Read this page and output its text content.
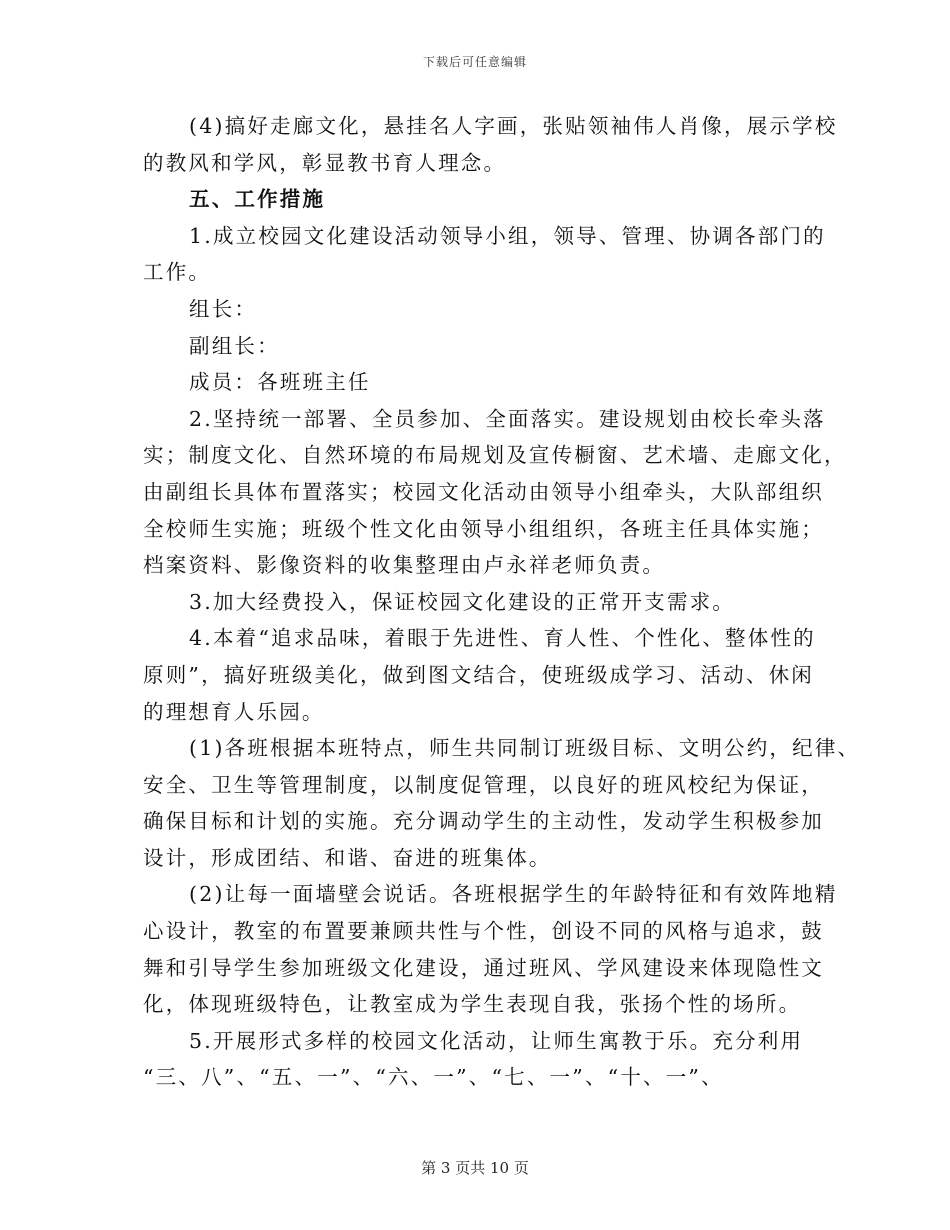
下载后可任意编辑
(4)搞好走廊文化，悬挂名人字画，张贴领袖伟人肖像，展示学校
的教风和学风，彰显教书育人理念。
五、工作措施
1.成立校园文化建设活动领导小组，领导、管理、协调各部门的
工作。
组长：
副组长：
成员：各班班主任
2.坚持统一部署、全员参加、全面落实。建设规划由校长牵头落
实；制度文化、自然环境的布局规划及宣传橱窗、艺术墙、走廊文化，
由副组长具体布置落实；校园文化活动由领导小组牵头，大队部组织
全校师生实施；班级个性文化由领导小组组织，各班主任具体实施；
档案资料、影像资料的收集整理由卢永祥老师负责。
3.加大经费投入，保证校园文化建设的正常开支需求。
4.本着“追求品味，着眼于先进性、育人性、个性化、整体性的
原则”，搞好班级美化，做到图文结合，使班级成学习、活动、休闲
的理想育人乐园。
(1)各班根据本班特点，师生共同制订班级目标、文明公约，纪律、
安全、卫生等管理制度，以制度促管理，以良好的班风校纪为保证，
确保目标和计划的实施。充分调动学生的主动性，发动学生积极参加
设计，形成团结、和谐、奋进的班集体。
(2)让每一面墙壁会说话。各班根据学生的年龄特征和有效阵地精
心设计，教室的布置要兼顾共性与个性，创设不同的风格与追求，鼓
舞和引导学生参加班级文化建设，通过班风、学风建设来体现隐性文
化，体现班级特色，让教室成为学生表现自我，张扬个性的场所。
5.开展形式多样的校园文化活动，让师生寓教于乐。充分利用
“三、八”、“五、一”、“六、一”、“七、一”、“十、一”、
第 3 页共 10 页
